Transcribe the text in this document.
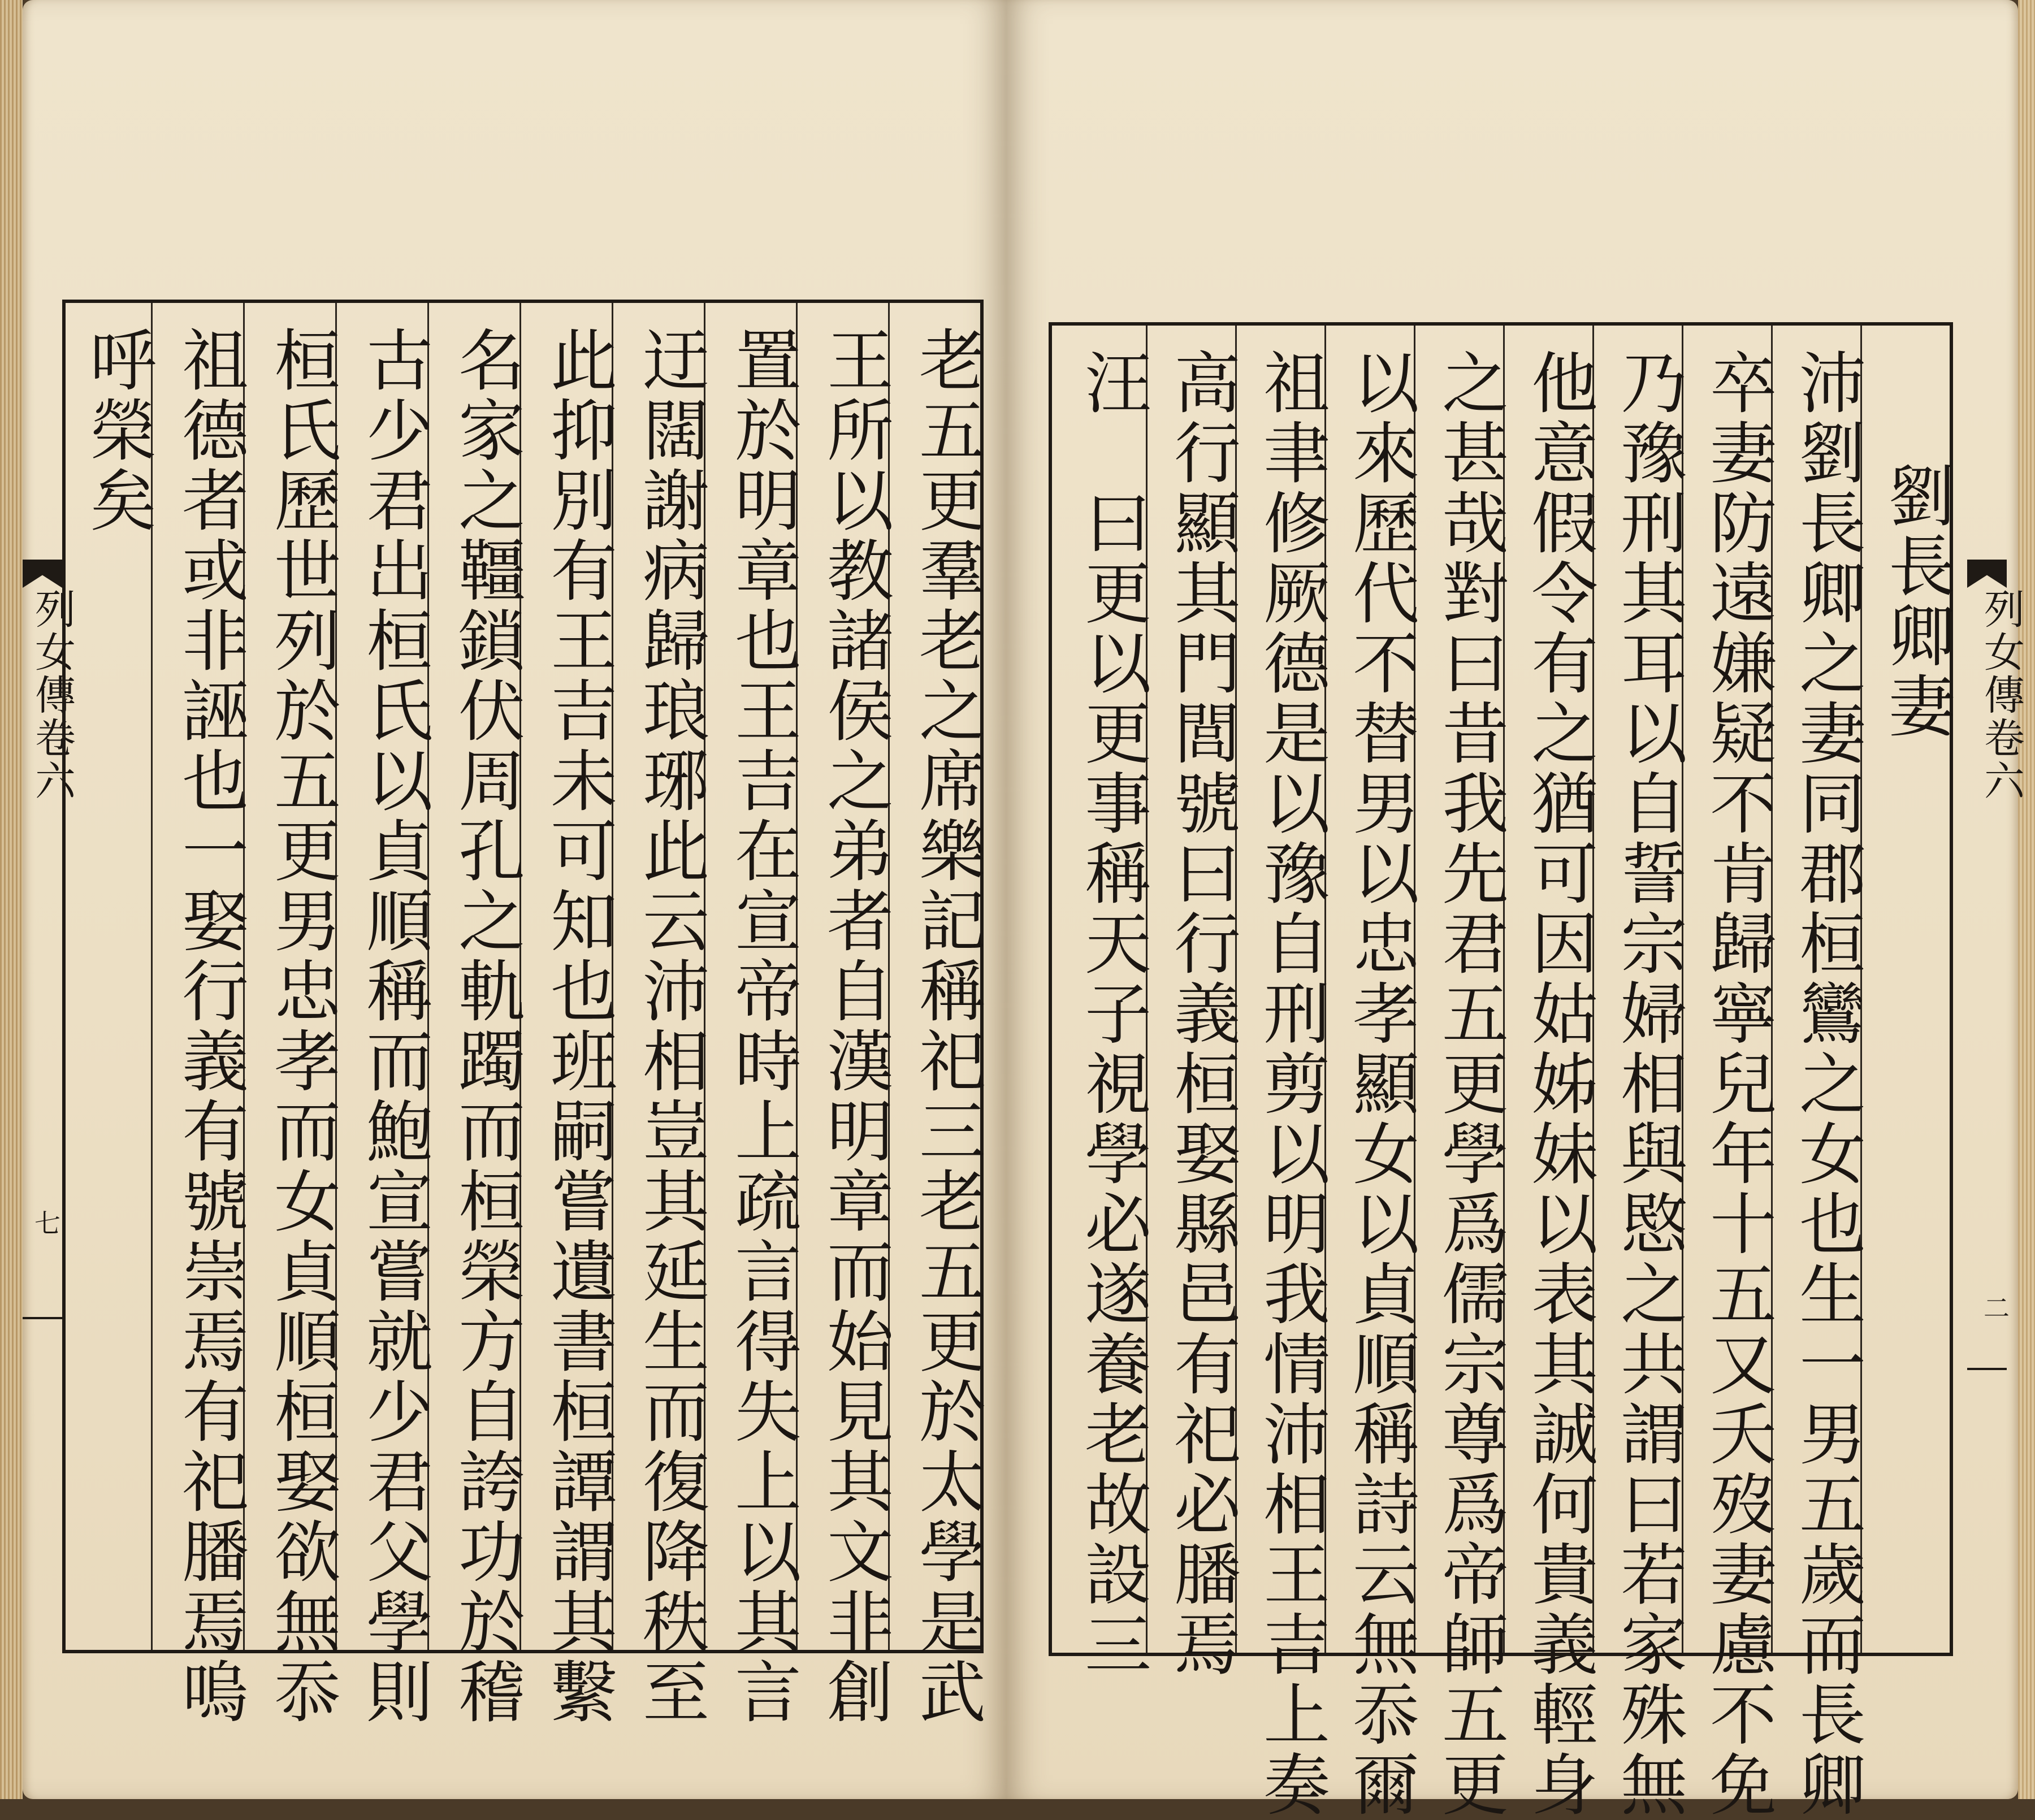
列女傳卷六
七
列女傳卷六
二
老五更羣老之席樂記稱祀三老五更於太學是武
王所以教諸侯之弟者自漢明章而始見其文非創
置於明章也王吉在宣帝時上疏言得失上以其言
迂闊謝病歸琅琊此云沛相豈其延生而復降秩至
此抑別有王吉未可知也班嗣嘗遺書桓譚謂其繫
名家之韁鎖伏周孔之軌躅而桓榮方自誇功於稽
古少君出桓氏以貞順稱而鮑宣嘗就少君父學則
桓氏歷世列於五更男忠孝而女貞順桓娶欲無忝
祖德者或非誣也一娶行義有號崇焉有祀膰焉嗚
呼榮矣
劉長卿妻
沛劉長卿之妻同郡桓鸞之女也生一男五歲而長卿
卒妻防遠嫌疑不肯歸寧兒年十五又夭歿妻慮不免
乃豫刑其耳以自誓宗婦相與愍之共謂曰若家殊無
他意假令有之猶可因姑姊妹以表其誠何貴義輕身
之甚哉對曰昔我先君五更學爲儒宗尊爲帝師五更
以來歷代不替男以忠孝顯女以貞順稱詩云無忝爾
祖聿修厥德是以豫自刑剪以明我情沛相王吉上奏
高行顯其門閭號曰行義桓娶縣邑有祀必膰焉
汪　曰更以更事稱天子視學必遂養老故設三
